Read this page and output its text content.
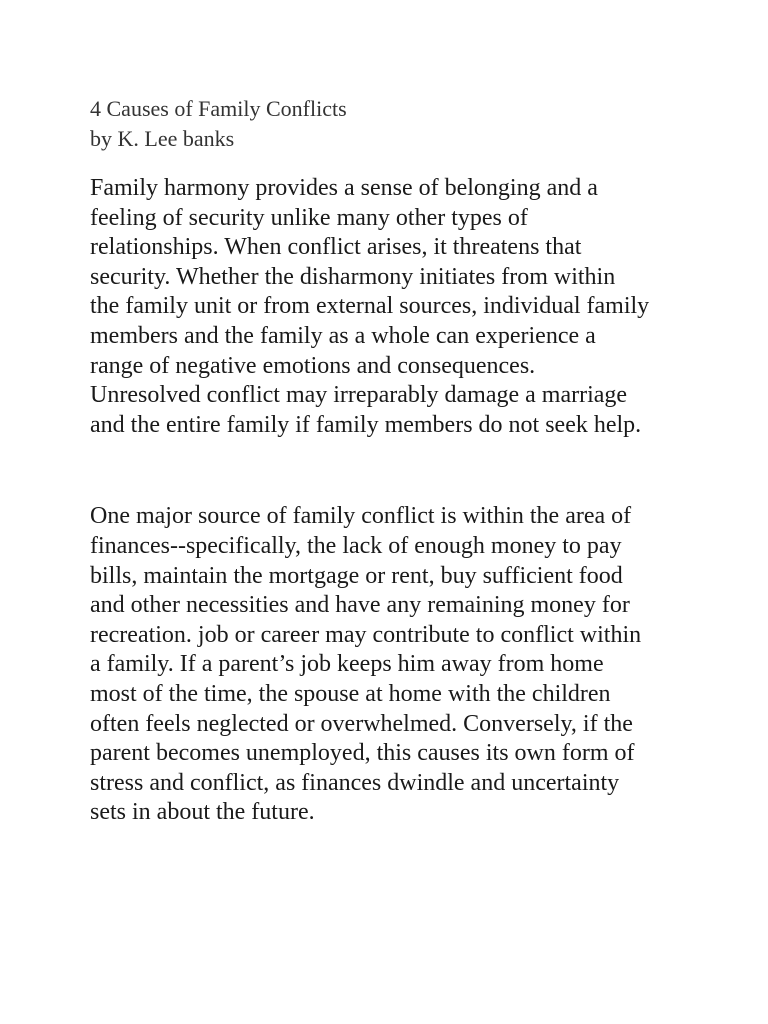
4 Causes of Family Conflicts
by K. Lee banks
Family harmony provides a sense of belonging and a
feeling of security unlike many other types of
relationships. When conflict arises, it threatens that
security. Whether the disharmony initiates from within
the family unit or from external sources, individual family
members and the family as a whole can experience a
range of negative emotions and consequences.
Unresolved conflict may irreparably damage a marriage
and the entire family if family members do not seek help.
One major source of family conflict is within the area of
finances--specifically, the lack of enough money to pay
bills, maintain the mortgage or rent, buy sufficient food
and other necessities and have any remaining money for
recreation. job or career may contribute to conflict within
a family. If a parent’s job keeps him away from home
most of the time, the spouse at home with the children
often feels neglected or overwhelmed. Conversely, if the
parent becomes unemployed, this causes its own form of
stress and conflict, as finances dwindle and uncertainty
sets in about the future.
